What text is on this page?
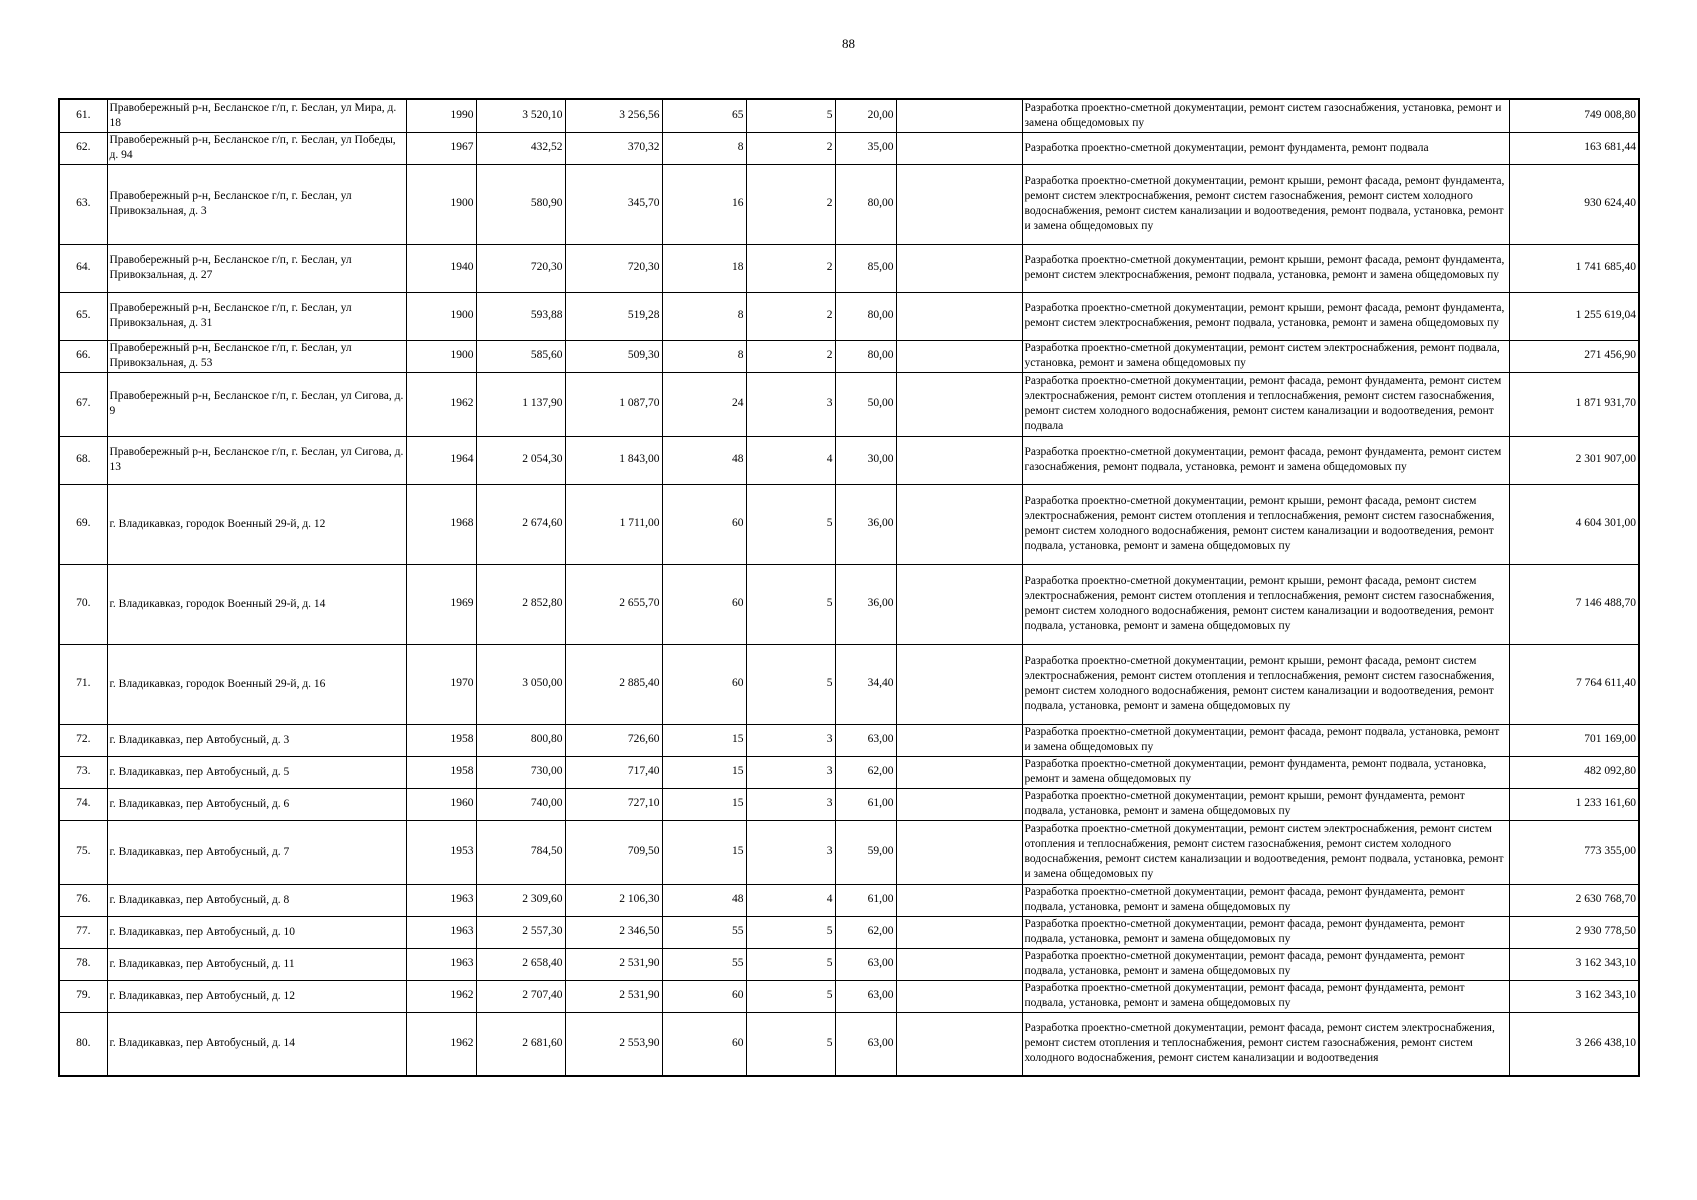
88
61.	Правобережный р-н, Бесланское г/п, г. Беслан, ул Мира, д. 18	1990	3 520,10	3 256,56	65	5	20,00		Разработка проектно-сметной документации, ремонт систем газоснабжения, установка, ремонт и замена общедомовых пу	749 008,80
62.	Правобережный р-н, Бесланское г/п, г. Беслан, ул Победы, д. 94	1967	432,52	370,32	8	2	35,00		Разработка проектно-сметной документации, ремонт фундамента, ремонт подвала	163 681,44
63.	Правобережный р-н, Бесланское г/п, г. Беслан, ул Привокзальная, д. 3	1900	580,90	345,70	16	2	80,00		Разработка проектно-сметной документации, ремонт крыши, ремонт фасада, ремонт фундамента, ремонт систем электроснабжения, ремонт систем газоснабжения, ремонт систем холодного водоснабжения, ремонт систем канализации и водоотведения, ремонт подвала, установка, ремонт и замена общедомовых пу	930 624,40
64.	Правобережный р-н, Бесланское г/п, г. Беслан, ул Привокзальная, д. 27	1940	720,30	720,30	18	2	85,00		Разработка проектно-сметной документации, ремонт крыши, ремонт фасада, ремонт фундамента, ремонт систем электроснабжения, ремонт подвала, установка, ремонт и замена общедомовых пу	1 741 685,40
65.	Правобережный р-н, Бесланское г/п, г. Беслан, ул Привокзальная, д. 31	1900	593,88	519,28	8	2	80,00		Разработка проектно-сметной документации, ремонт крыши, ремонт фасада, ремонт фундамента, ремонт систем электроснабжения, ремонт подвала, установка, ремонт и замена общедомовых пу	1 255 619,04
66.	Правобережный р-н, Бесланское г/п, г. Беслан, ул Привокзальная, д. 53	1900	585,60	509,30	8	2	80,00		Разработка проектно-сметной документации, ремонт систем электроснабжения, ремонт подвала, установка, ремонт и замена общедомовых пу	271 456,90
67.	Правобережный р-н, Бесланское г/п, г. Беслан, ул Сигова, д. 9	1962	1 137,90	1 087,70	24	3	50,00		Разработка проектно-сметной документации, ремонт фасада, ремонт фундамента, ремонт систем электроснабжения, ремонт систем отопления и теплоснабжения, ремонт систем газоснабжения, ремонт систем холодного водоснабжения, ремонт систем канализации и водоотведения, ремонт подвала	1 871 931,70
68.	Правобережный р-н, Бесланское г/п, г. Беслан, ул Сигова, д. 13	1964	2 054,30	1 843,00	48	4	30,00		Разработка проектно-сметной документации, ремонт фасада, ремонт фундамента, ремонт систем газоснабжения, ремонт подвала, установка, ремонт и замена общедомовых пу	2 301 907,00
69.	г. Владикавказ, городок Военный 29-й, д. 12	1968	2 674,60	1 711,00	60	5	36,00		Разработка проектно-сметной документации, ремонт крыши, ремонт фасада, ремонт систем электроснабжения, ремонт систем отопления и теплоснабжения, ремонт систем газоснабжения, ремонт систем холодного водоснабжения, ремонт систем канализации и водоотведения, ремонт подвала, установка, ремонт и замена общедомовых пу	4 604 301,00
70.	г. Владикавказ, городок Военный 29-й, д. 14	1969	2 852,80	2 655,70	60	5	36,00		Разработка проектно-сметной документации, ремонт крыши, ремонт фасада, ремонт систем электроснабжения, ремонт систем отопления и теплоснабжения, ремонт систем газоснабжения, ремонт систем холодного водоснабжения, ремонт систем канализации и водоотведения, ремонт подвала, установка, ремонт и замена общедомовых пу	7 146 488,70
71.	г. Владикавказ, городок Военный 29-й, д. 16	1970	3 050,00	2 885,40	60	5	34,40		Разработка проектно-сметной документации, ремонт крыши, ремонт фасада, ремонт систем электроснабжения, ремонт систем отопления и теплоснабжения, ремонт систем газоснабжения, ремонт систем холодного водоснабжения, ремонт систем канализации и водоотведения, ремонт подвала, установка, ремонт и замена общедомовых пу	7 764 611,40
72.	г. Владикавказ, пер Автобусный, д. 3	1958	800,80	726,60	15	3	63,00		Разработка проектно-сметной документации, ремонт фасада, ремонт подвала, установка, ремонт и замена общедомовых пу	701 169,00
73.	г. Владикавказ, пер Автобусный, д. 5	1958	730,00	717,40	15	3	62,00		Разработка проектно-сметной документации, ремонт фундамента, ремонт подвала, установка, ремонт и замена общедомовых пу	482 092,80
74.	г. Владикавказ, пер Автобусный, д. 6	1960	740,00	727,10	15	3	61,00		Разработка проектно-сметной документации, ремонт крыши, ремонт фундамента, ремонт подвала, установка, ремонт и замена общедомовых пу	1 233 161,60
75.	г. Владикавказ, пер Автобусный, д. 7	1953	784,50	709,50	15	3	59,00		Разработка проектно-сметной документации, ремонт систем электроснабжения, ремонт систем отопления и теплоснабжения, ремонт систем газоснабжения, ремонт систем холодного водоснабжения, ремонт систем канализации и водоотведения, ремонт подвала, установка, ремонт и замена общедомовых пу	773 355,00
76.	г. Владикавказ, пер Автобусный, д. 8	1963	2 309,60	2 106,30	48	4	61,00		Разработка проектно-сметной документации, ремонт фасада, ремонт фундамента, ремонт подвала, установка, ремонт и замена общедомовых пу	2 630 768,70
77.	г. Владикавказ, пер Автобусный, д. 10	1963	2 557,30	2 346,50	55	5	62,00		Разработка проектно-сметной документации, ремонт фасада, ремонт фундамента, ремонт подвала, установка, ремонт и замена общедомовых пу	2 930 778,50
78.	г. Владикавказ, пер Автобусный, д. 11	1963	2 658,40	2 531,90	55	5	63,00		Разработка проектно-сметной документации, ремонт фасада, ремонт фундамента, ремонт подвала, установка, ремонт и замена общедомовых пу	3 162 343,10
79.	г. Владикавказ, пер Автобусный, д. 12	1962	2 707,40	2 531,90	60	5	63,00		Разработка проектно-сметной документации, ремонт фасада, ремонт фундамента, ремонт подвала, установка, ремонт и замена общедомовых пу	3 162 343,10
80.	г. Владикавказ, пер Автобусный, д. 14	1962	2 681,60	2 553,90	60	5	63,00		Разработка проектно-сметной документации, ремонт фасада, ремонт систем электроснабжения, ремонт систем отопления и теплоснабжения, ремонт систем газоснабжения, ремонт систем холодного водоснабжения, ремонт систем канализации и водоотведения	3 266 438,10
